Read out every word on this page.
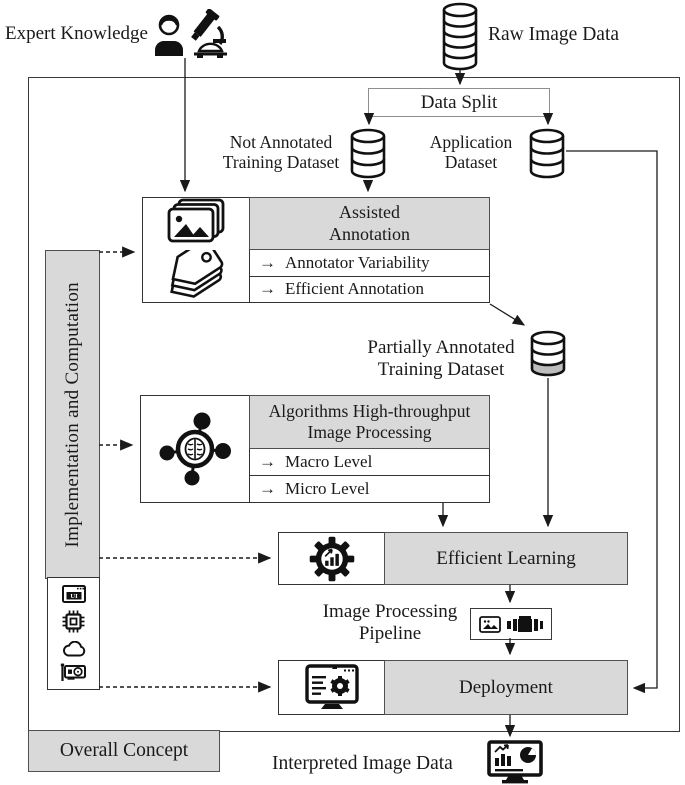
Expert Knowledge	Raw Image Data
Data Split
Not Annotated
Training Dataset
Application
Dataset
Assisted
Annotation
→ Annotator Variability
→ Efficient Annotation
Partially Annotated
Training Dataset
Algorithms High-throughput
Image Processing
→ Macro Level
→ Micro Level
Efficient Learning
Image Processing
Pipeline
Deployment
Implementation and Computation
UI
Overall Concept
Interpreted Image Data
